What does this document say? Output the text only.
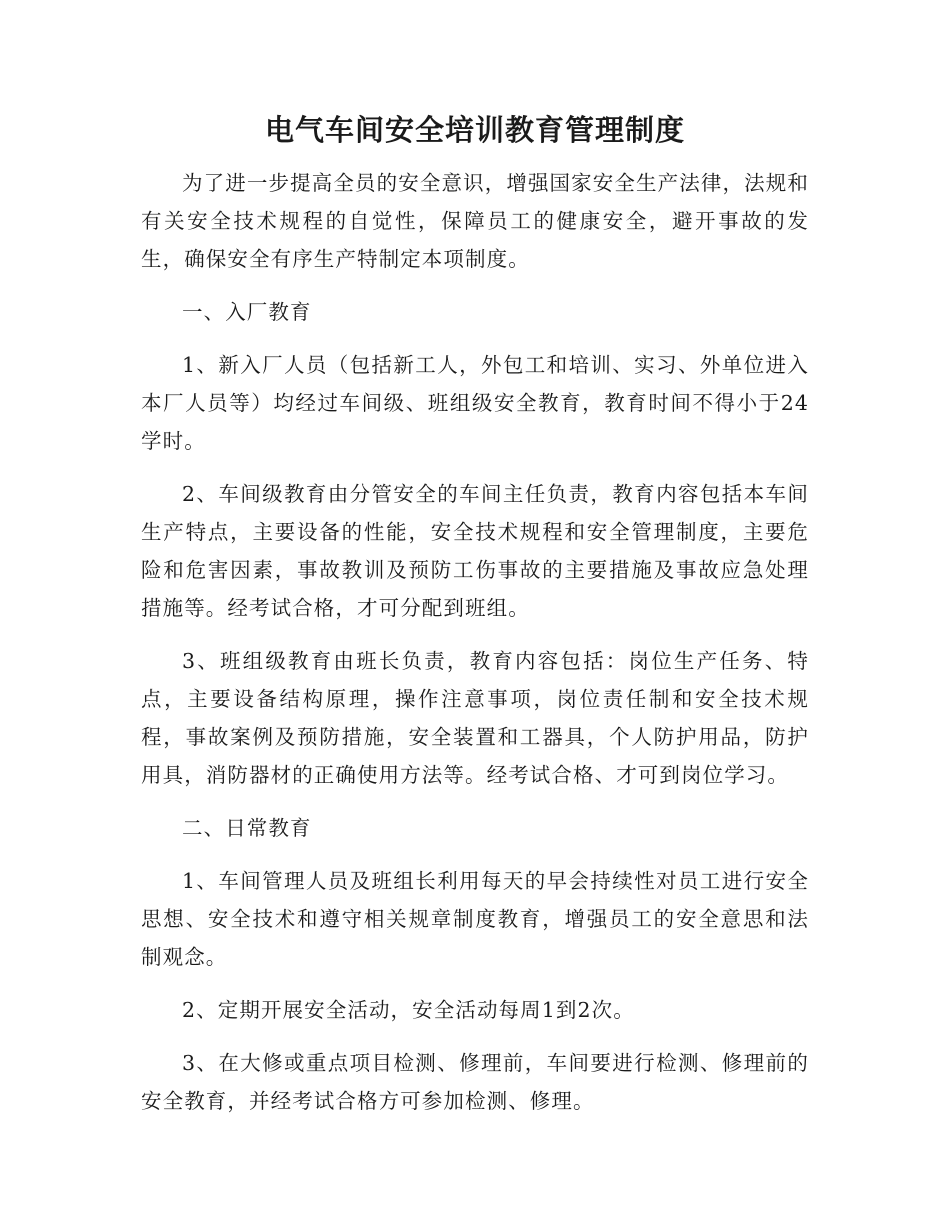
电气车间安全培训教育管理制度

为了进一步提高全员的安全意识，增强国家安全生产法律，法规和有关安全技术规程的自觉性，保障员工的健康安全，避开事故的发生，确保安全有序生产特制定本项制度。

一、入厂教育

1、新入厂人员（包括新工人，外包工和培训、实习、外单位进入本厂人员等）均经过车间级、班组级安全教育，教育时间不得小于24学时。

2、车间级教育由分管安全的车间主任负责，教育内容包括本车间生产特点，主要设备的性能，安全技术规程和安全管理制度，主要危险和危害因素，事故教训及预防工伤事故的主要措施及事故应急处理措施等。经考试合格，才可分配到班组。

3、班组级教育由班长负责，教育内容包括：岗位生产任务、特点，主要设备结构原理，操作注意事项，岗位责任制和安全技术规程，事故案例及预防措施，安全装置和工器具，个人防护用品，防护用具，消防器材的正确使用方法等。经考试合格、才可到岗位学习。

二、日常教育

1、车间管理人员及班组长利用每天的早会持续性对员工进行安全思想、安全技术和遵守相关规章制度教育，增强员工的安全意思和法制观念。

2、定期开展安全活动，安全活动每周1到2次。

3、在大修或重点项目检测、修理前，车间要进行检测、修理前的安全教育，并经考试合格方可参加检测、修理。
